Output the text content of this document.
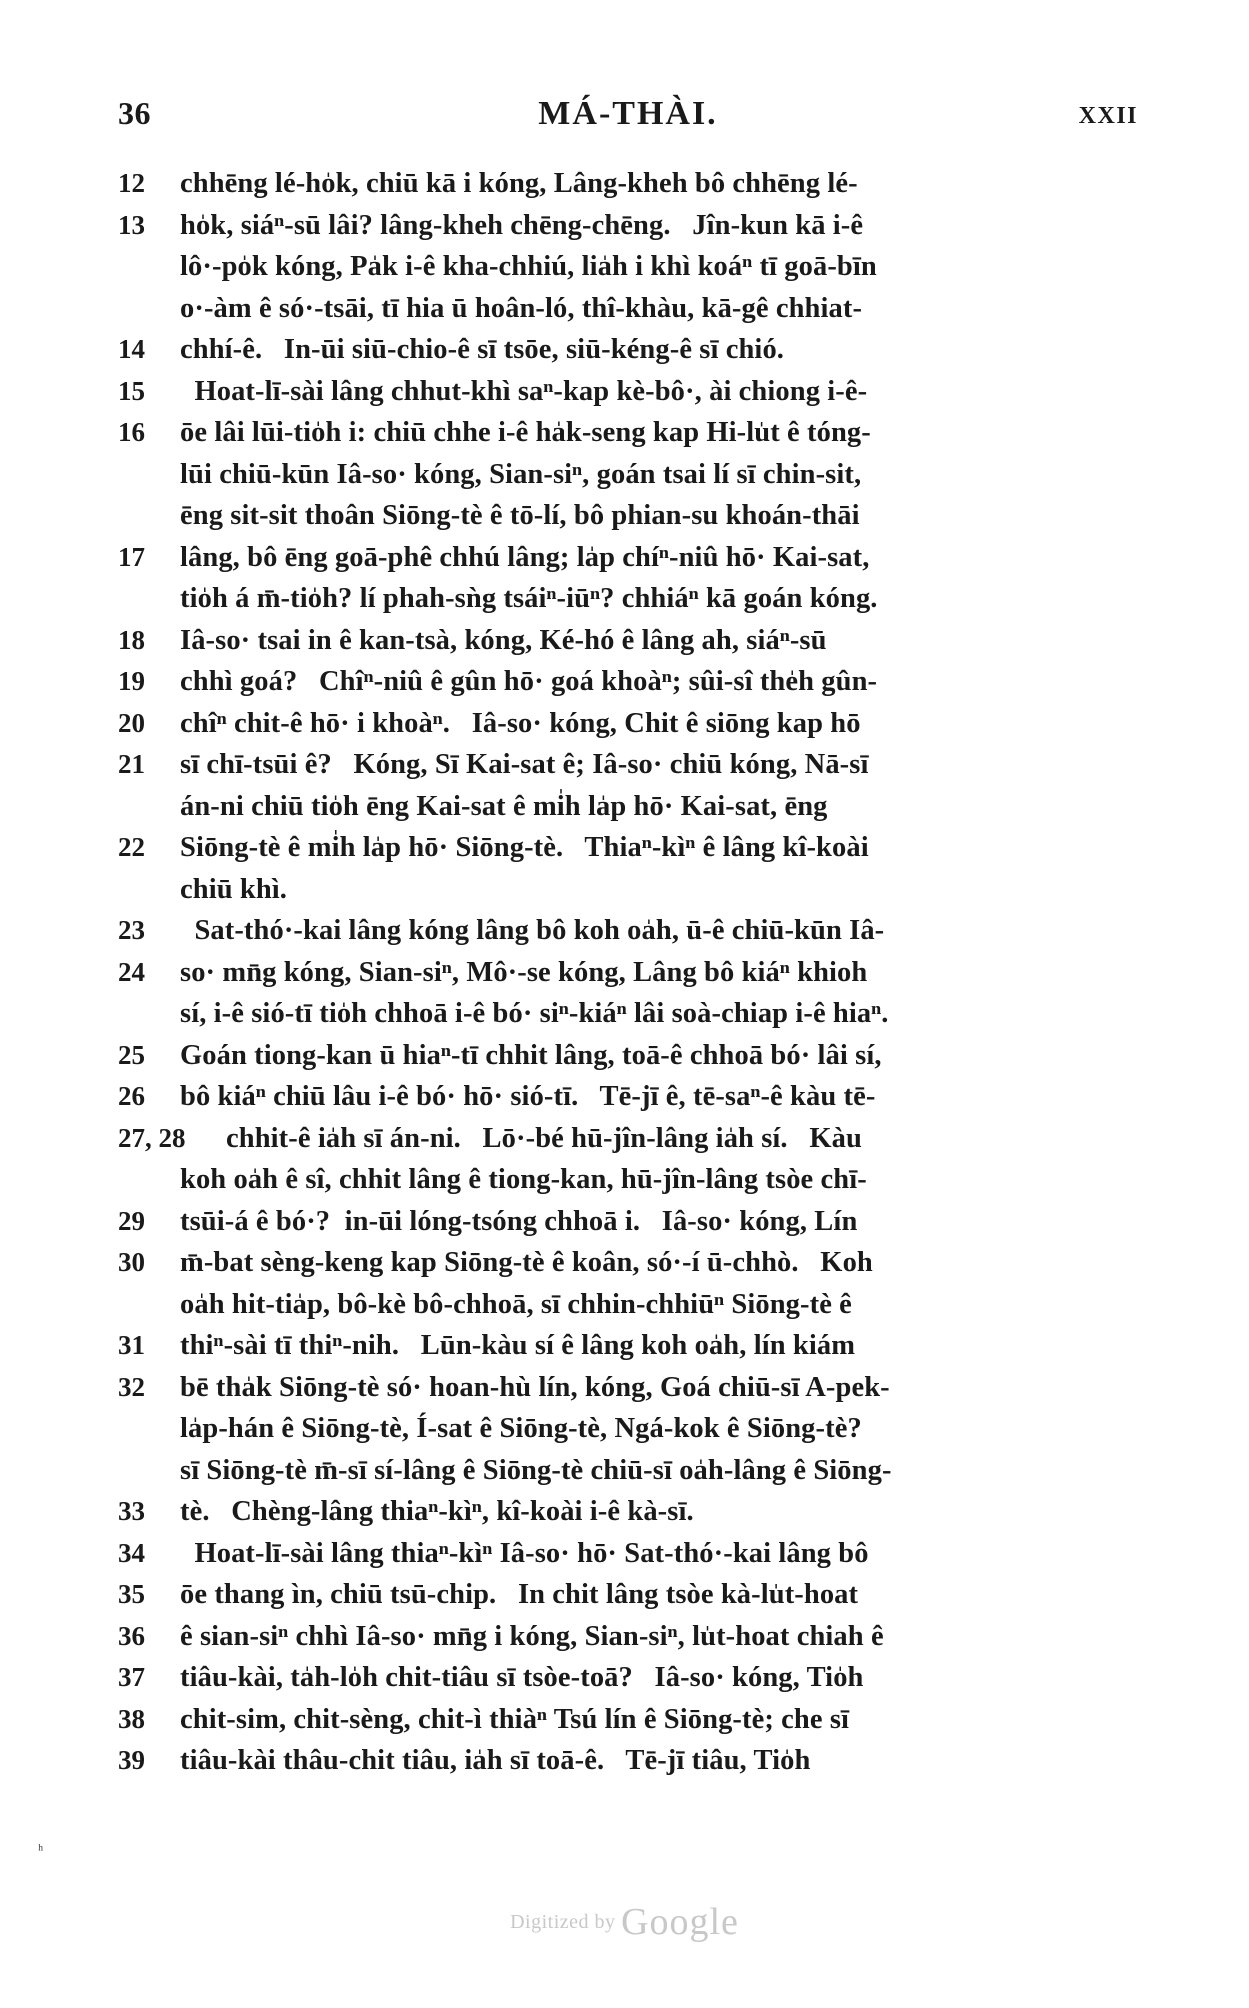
36	MÁ-THÀI.	XXII
12	chhēng lé-ho̍k, chiū kā i kóng, Lâng-kheh bô chhēng lé-
13	ho̍k, siáⁿ-sū lâi? lâng-kheh chēng-chēng.   Jîn-kun kā i-ê
lô·-po̍k kóng, Pa̍k i-ê kha-chhiú, lia̍h i khì koáⁿ tī goā-bīn
o·-àm ê só·-tsāi, tī hia ū hoân-ló, thî-khàu, kā-gê chhiat-
14	chhí-ê.   In-ūi siū-chio-ê sī tsōe, siū-kéng-ê sī chió.
15	Hoat-lī-sài lâng chhut-khì saⁿ-kap kè-bô·, ài chiong i-ê-
16	ōe lâi lūi-tio̍h i: chiū chhe i-ê ha̍k-seng kap Hi-lu̍t ê tóng-
lūi chiū-kūn Iâ-so· kóng, Sian-siⁿ, goán tsai lí sī chin-sit,
ēng sit-sit thoân Siōng-tè ê tō-lí, bô phian-su khoán-thāi
17	lâng, bô ēng goā-phê chhú lâng; la̍p chíⁿ-niû hō· Kai-sat,
tio̍h á m̄-tio̍h? lí phah-sǹg tsáiⁿ-iūⁿ? chhiáⁿ kā goán kóng.
18	Iâ-so· tsai in ê kan-tsà, kóng, Ké-hó ê lâng ah, siáⁿ-sū
19	chhì goá?   Chîⁿ-niû ê gûn hō· goá khoàⁿ; sûi-sî the̍h gûn-
20	chîⁿ chit-ê hō· i khoàⁿ.   Iâ-so· kóng, Chit ê siōng kap hō
21	sī chī-tsūi ê?   Kóng, Sī Kai-sat ê; Iâ-so· chiū kóng, Nā-sī
án-ni chiū tio̍h ēng Kai-sat ê mi̍h la̍p hō· Kai-sat, ēng
22	Siōng-tè ê mi̍h la̍p hō· Siōng-tè.   Thiaⁿ-kìⁿ ê lâng kî-koài
chiū khì.
23	Sat-thó·-kai lâng kóng lâng bô koh oa̍h, ū-ê chiū-kūn Iâ-
24	so· mn̄g kóng, Sian-siⁿ, Mô·-se kóng, Lâng bô kiáⁿ khioh
sí, i-ê sió-tī tio̍h chhoā i-ê bó· siⁿ-kiáⁿ lâi soà-chiap i-ê hiaⁿ.
25	Goán tiong-kan ū hiaⁿ-tī chhit lâng, toā-ê chhoā bó· lâi sí,
26	bô kiáⁿ chiū lâu i-ê bó· hō· sió-tī.   Tē-jī ê, tē-saⁿ-ê kàu tē-
27, 28	chhit-ê ia̍h sī án-ni.   Lō·-bé hū-jîn-lâng ia̍h sí.   Kàu
koh oa̍h ê sî, chhit lâng ê tiong-kan, hū-jîn-lâng tsòe chī-
29	tsūi-á ê bó·?  in-ūi lóng-tsóng chhoā i.   Iâ-so· kóng, Lín
30	m̄-bat sèng-keng kap Siōng-tè ê koân, só·-í ū-chhò.   Koh
oa̍h hit-tia̍p, bô-kè bô-chhoā, sī chhin-chhiūⁿ Siōng-tè ê
31	thiⁿ-sài tī thiⁿ-nih.   Lūn-kàu sí ê lâng koh oa̍h, lín kiám
32	bē tha̍k Siōng-tè só· hoan-hù lín, kóng, Goá chiū-sī A-pek-
la̍p-hán ê Siōng-tè, Í-sat ê Siōng-tè, Ngá-kok ê Siōng-tè?
sī Siōng-tè m̄-sī sí-lâng ê Siōng-tè chiū-sī oa̍h-lâng ê Siōng-
33	tè.   Chèng-lâng thiaⁿ-kìⁿ, kî-koài i-ê kà-sī.
34	Hoat-lī-sài lâng thiaⁿ-kìⁿ Iâ-so· hō· Sat-thó·-kai lâng bô
35	ōe thang ìn, chiū tsū-chip.   In chit lâng tsòe kà-lu̍t-hoat
36	ê sian-siⁿ chhì Iâ-so· mn̄g i kóng, Sian-siⁿ, lu̍t-hoat chiah ê
37	tiâu-kài, ta̍h-lo̍h chit-tiâu sī tsòe-toā?   Iâ-so· kóng, Tio̍h
38	chit-sim, chit-sèng, chit-ì thiàⁿ Tsú lín ê Siōng-tè; che sī
39	tiâu-kài thâu-chit tiâu, ia̍h sī toā-ê.   Tē-jī tiâu, Tio̍h
ʰ
Digitized by Google
